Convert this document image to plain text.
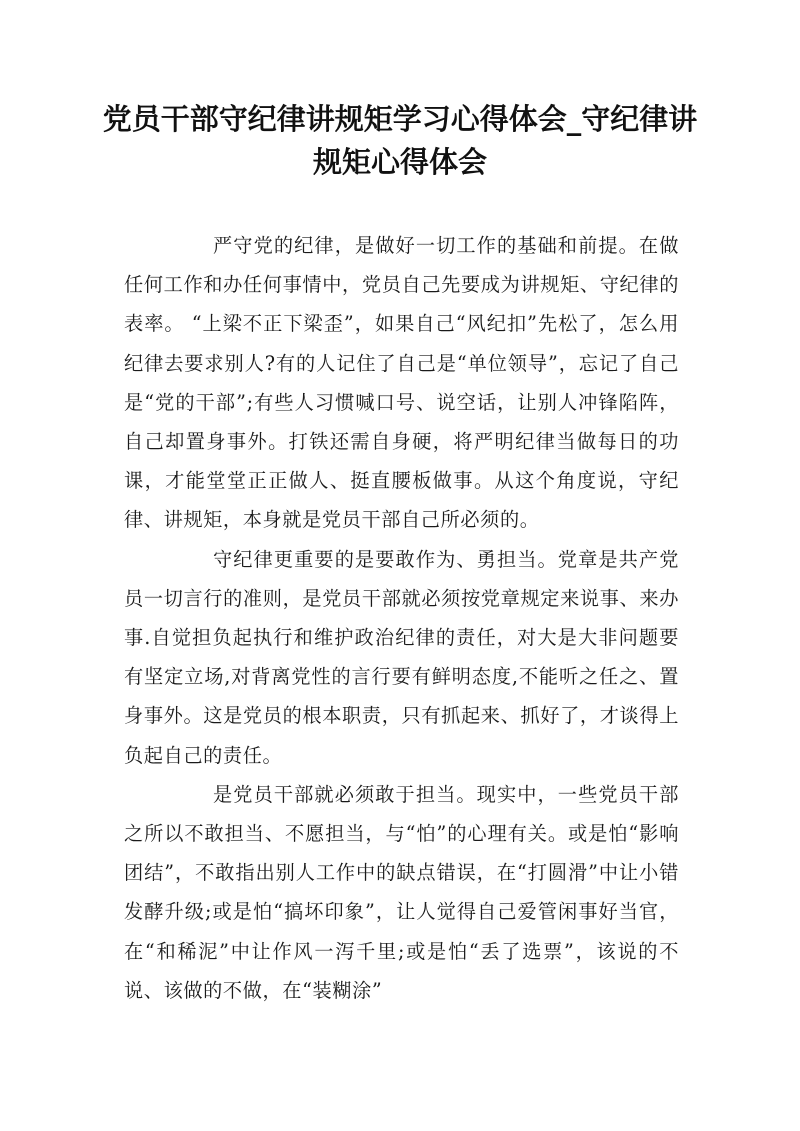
党员干部守纪律讲规矩学习心得体会_守纪律讲规矩心得体会

严守党的纪律，是做好一切工作的基础和前提。在做任何工作和办任何事情中，党员自己先要成为讲规矩、守纪律的表率。 “上梁不正下梁歪”，如果自己“风纪扣”先松了，怎么用纪律去要求别人?有的人记住了自己是“单位领导”，忘记了自己是“党的干部”;有些人习惯喊口号、说空话，让别人冲锋陷阵，自己却置身事外。打铁还需自身硬，将严明纪律当做每日的功课，才能堂堂正正做人、挺直腰板做事。从这个角度说，守纪律、讲规矩，本身就是党员干部自己所必须的。

守纪律更重要的是要敢作为、勇担当。党章是共产党员一切言行的准则，是党员干部就必须按党章规定来说事、来办事.自觉担负起执行和维护政治纪律的责任，对大是大非问题要有坚定立场,对背离党性的言行要有鲜明态度,不能听之任之、置身事外。这是党员的根本职责，只有抓起来、抓好了，才谈得上负起自己的责任。

是党员干部就必须敢于担当。现实中，一些党员干部之所以不敢担当、不愿担当，与“怕”的心理有关。或是怕“影响团结”，不敢指出别人工作中的缺点错误，在“打圆滑”中让小错发酵升级;或是怕“搞坏印象”，让人觉得自己爱管闲事好当官，在“和稀泥”中让作风一泻千里;或是怕“丢了选票”，该说的不说、该做的不做，在“装糊涂”
